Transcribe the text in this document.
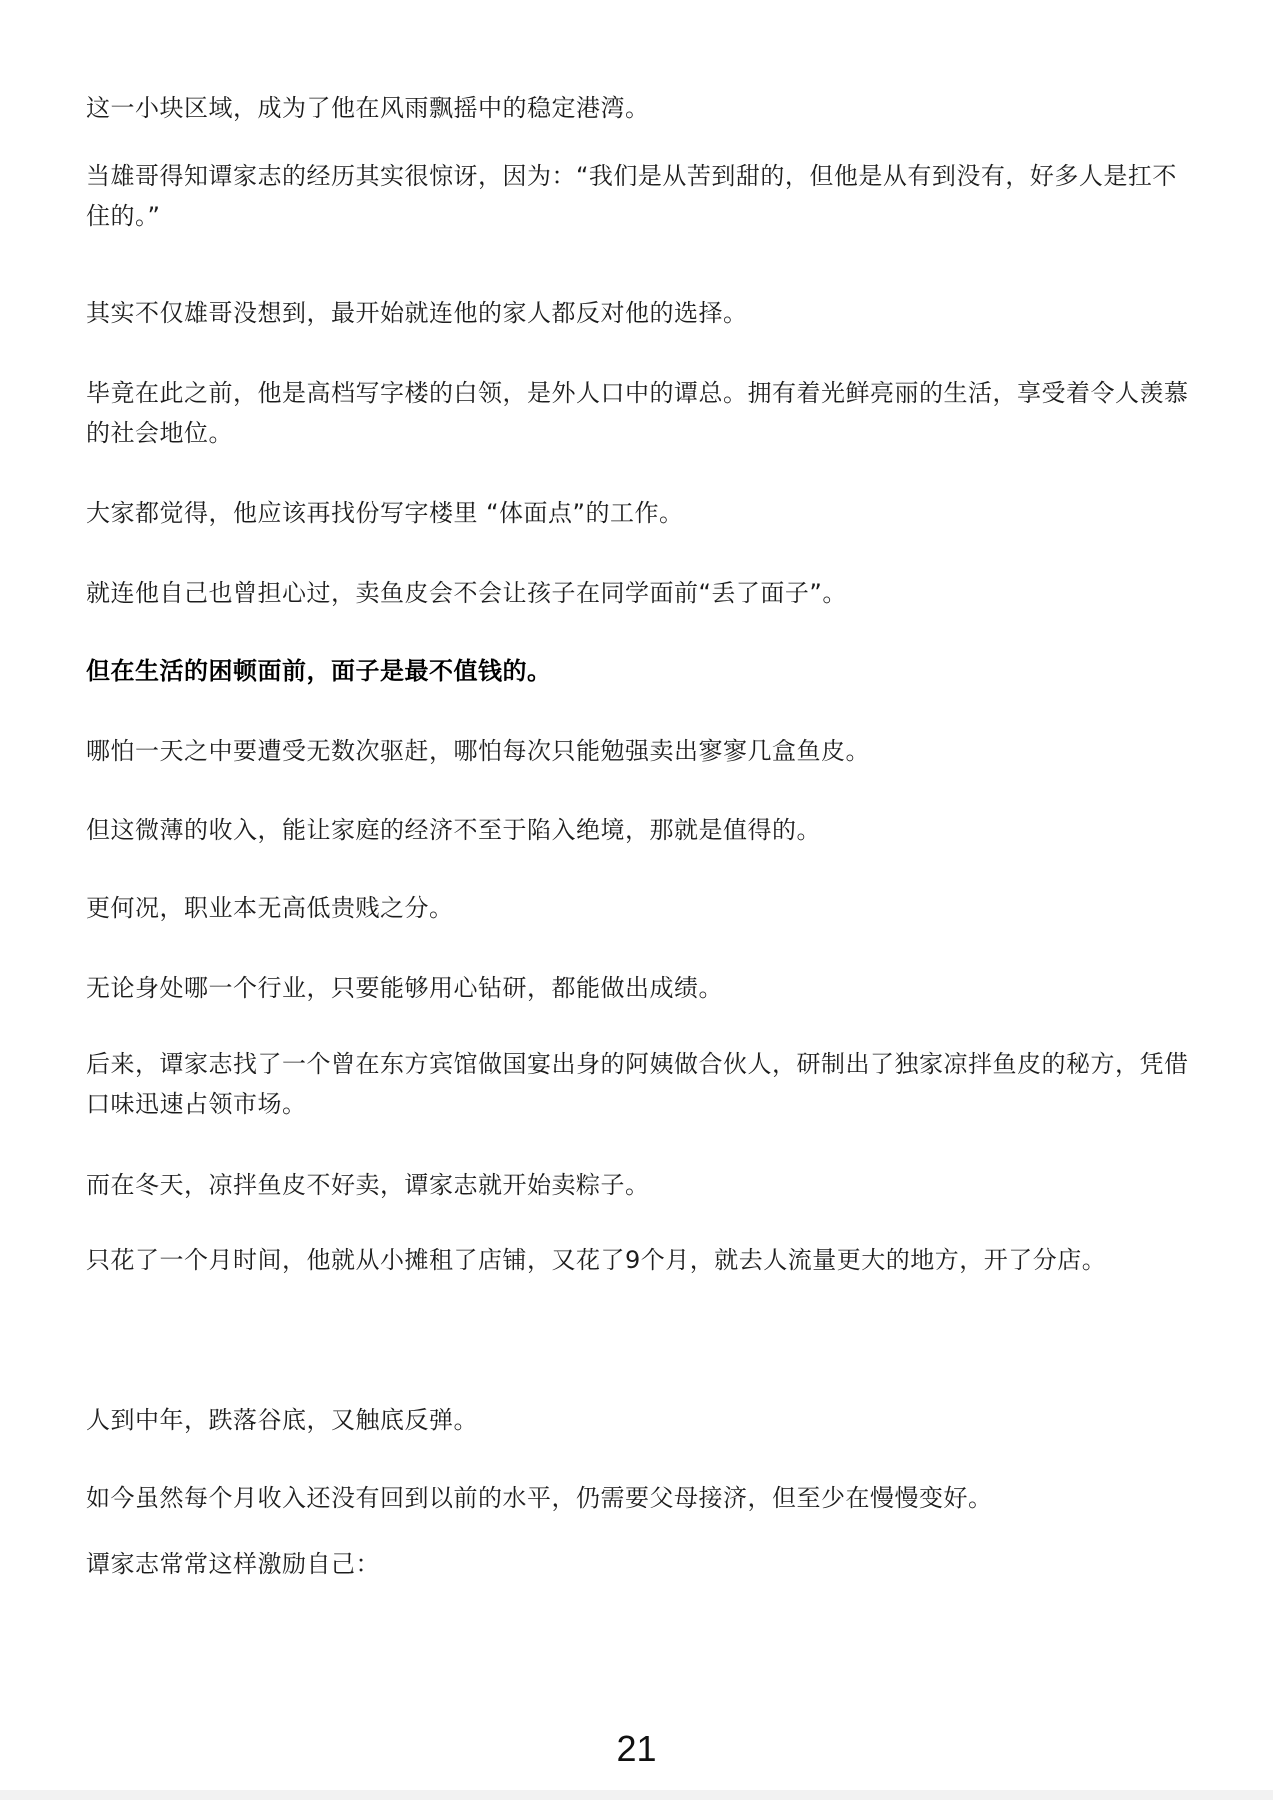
这一小块区域，成为了他在风雨飘摇中的稳定港湾。

当雄哥得知谭家志的经历其实很惊讶，因为：“我们是从苦到甜的，但他是从有到没有，好多人是扛不住的。”

其实不仅雄哥没想到，最开始就连他的家人都反对他的选择。

毕竟在此之前，他是高档写字楼的白领，是外人口中的谭总。拥有着光鲜亮丽的生活，享受着令人羡慕的社会地位。

大家都觉得，他应该再找份写字楼里 “体面点”的工作。

就连他自己也曾担心过，卖鱼皮会不会让孩子在同学面前“丢了面子”。

但在生活的困顿面前，面子是最不值钱的。

哪怕一天之中要遭受无数次驱赶，哪怕每次只能勉强卖出寥寥几盒鱼皮。

但这微薄的收入，能让家庭的经济不至于陷入绝境，那就是值得的。

更何况，职业本无高低贵贱之分。

无论身处哪一个行业，只要能够用心钻研，都能做出成绩。

后来，谭家志找了一个曾在东方宾馆做国宴出身的阿姨做合伙人，研制出了独家凉拌鱼皮的秘方，凭借口味迅速占领市场。

而在冬天，凉拌鱼皮不好卖，谭家志就开始卖粽子。

只花了一个月时间，他就从小摊租了店铺，又花了9个月，就去人流量更大的地方，开了分店。

人到中年，跌落谷底，又触底反弹。

如今虽然每个月收入还没有回到以前的水平，仍需要父母接济，但至少在慢慢变好。

谭家志常常这样激励自己：

21
